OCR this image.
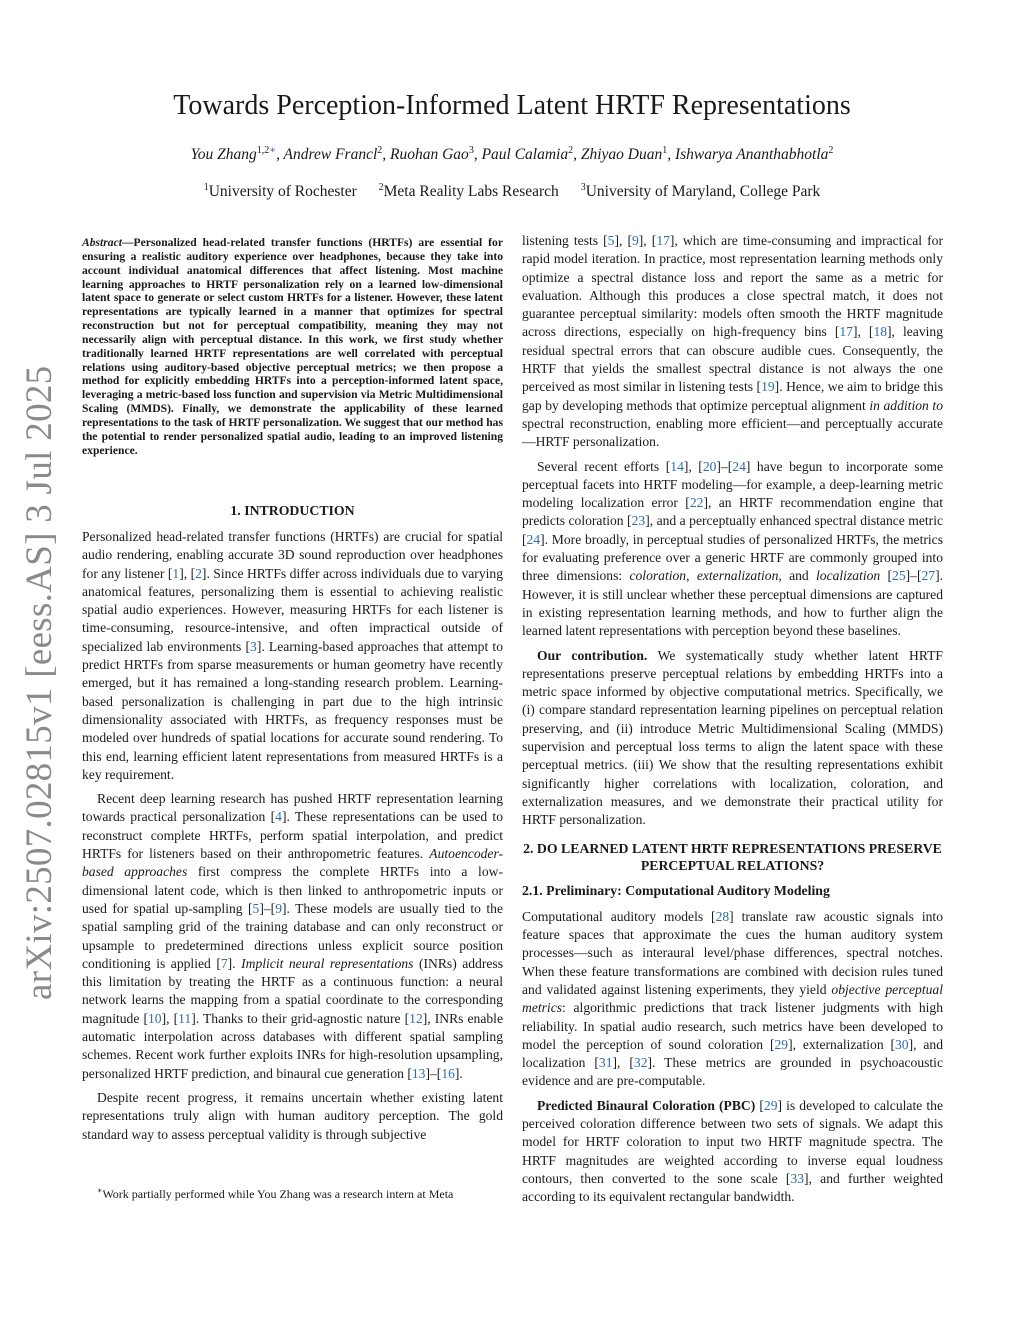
arXiv:2507.02815v1 [eess.AS] 3 Jul 2025
Towards Perception-Informed Latent HRTF Representations
You Zhang$^{1,2∗}$, Andrew Francl$^2$, Ruohan Gao$^3$, Paul Calamia$^2$, Zhiyao Duan$^1$, Ishwarya Ananthabhotla$^2$
$^1$University of Rochester $^2$Meta Reality Labs Research $^3$University of Maryland, College Park
Abstract—Personalized head-related transfer functions (HRTFs) are essential for ensuring a realistic auditory experience over headphones, because they take into account individual anatomical differences that affect listening. Most machine learning approaches to HRTF personalization rely on a learned low-dimensional latent space to generate or select custom HRTFs for a listener. However, these latent representations are typically learned in a manner that optimizes for spectral reconstruction but not for perceptual compatibility, meaning they may not necessarily align with perceptual distance. In this work, we first study whether traditionally learned HRTF representations are well correlated with perceptual relations using auditory-based objective perceptual metrics; we then propose a method for explicitly embedding HRTFs into a perception-informed latent space, leveraging a metric-based loss function and supervision via Metric Multidimensional Scaling (MMDS). Finally, we demonstrate the applicability of these learned representations to the task of HRTF personalization. We suggest that our method has the potential to render personalized spatial audio, leading to an improved listening experience.
1. INTRODUCTION

Personalized head-related transfer functions (HRTFs) are crucial for spatial audio rendering, enabling accurate 3D sound reproduction over headphones for any listener [1], [2]. Since HRTFs differ across individuals due to varying anatomical features, personalizing them is essential to achieving realistic spatial audio experiences. However, measuring HRTFs for each listener is time-consuming, resource-intensive, and often impractical outside of specialized lab environments [3]. Learning-based approaches that attempt to predict HRTFs from sparse measurements or human geometry have recently emerged, but it has remained a long-standing research problem. Learning-based personalization is challenging in part due to the high intrinsic dimensionality associated with HRTFs, as frequency responses must be modeled over hundreds of spatial locations for accurate sound rendering. To this end, learning efficient latent representations from measured HRTFs is a key requirement.

Recent deep learning research has pushed HRTF representation learning towards practical personalization [4]. These representations can be used to reconstruct complete HRTFs, perform spatial interpolation, and predict HRTFs for listeners based on their anthropometric features. Autoencoder-based approaches first compress the complete HRTFs into a low-dimensional latent code, which is then linked to anthropometric inputs or used for spatial up-sampling [5]–[9]. These models are usually tied to the spatial sampling grid of the training database and can only reconstruct or upsample to predetermined directions unless explicit source position conditioning is applied [7]. Implicit neural representations (INRs) address this limitation by treating the HRTF as a continuous function: a neural network learns the mapping from a spatial coordinate to the corresponding magnitude [10], [11]. Thanks to their grid-agnostic nature [12], INRs enable automatic interpolation across databases with different spatial sampling schemes. Recent work further exploits INRs for high-resolution upsampling, personalized HRTF prediction, and binaural cue generation [13]–[16].

Despite recent progress, it remains uncertain whether existing latent representations truly align with human auditory perception. The gold standard way to assess perceptual validity is through subjective

∗Work partially performed while You Zhang was a research intern at Meta

listening tests [5], [9], [17], which are time-consuming and impractical for rapid model iteration. In practice, most representation learning methods only optimize a spectral distance loss and report the same as a metric for evaluation. Although this produces a close spectral match, it does not guarantee perceptual similarity: models often smooth the HRTF magnitude across directions, especially on high-frequency bins [17], [18], leaving residual spectral errors that can obscure audible cues. Consequently, the HRTF that yields the smallest spectral distance is not always the one perceived as most similar in listening tests [19]. Hence, we aim to bridge this gap by developing methods that optimize perceptual alignment in addition to spectral reconstruction, enabling more efficient—and perceptually accurate—HRTF personalization.

Several recent efforts [14], [20]–[24] have begun to incorporate some perceptual facets into HRTF modeling—for example, a deep-learning metric modeling localization error [22], an HRTF recommendation engine that predicts coloration [23], and a perceptually enhanced spectral distance metric [24]. More broadly, in perceptual studies of personalized HRTFs, the metrics for evaluating preference over a generic HRTF are commonly grouped into three dimensions: coloration, externalization, and localization [25]–[27]. However, it is still unclear whether these perceptual dimensions are captured in existing representation learning methods, and how to further align the learned latent representations with perception beyond these baselines.

Our contribution. We systematically study whether latent HRTF representations preserve perceptual relations by embedding HRTFs into a metric space informed by objective computational metrics. Specifically, we (i) compare standard representation learning pipelines on perceptual relation preserving, and (ii) introduce Metric Multidimensional Scaling (MMDS) supervision and perceptual loss terms to align the latent space with these perceptual metrics. (iii) We show that the resulting representations exhibit significantly higher correlations with localization, coloration, and externalization measures, and we demonstrate their practical utility for HRTF personalization.

2. DO LEARNED LATENT HRTF REPRESENTATIONS PRESERVE PERCEPTUAL RELATIONS?
2.1. Preliminary: Computational Auditory Modeling

Computational auditory models [28] translate raw acoustic signals into feature spaces that approximate the cues the human auditory system processes—such as interaural level/phase differences, spectral notches. When these feature transformations are combined with decision rules tuned and validated against listening experiments, they yield objective perceptual metrics: algorithmic predictions that track listener judgments with high reliability. In spatial audio research, such metrics have been developed to model the perception of sound coloration [29], externalization [30], and localization [31], [32]. These metrics are grounded in psychoacoustic evidence and are pre-computable.

Predicted Binaural Coloration (PBC) [29] is developed to calculate the perceived coloration difference between two sets of signals. We adapt this model for HRTF coloration to input two HRTF magnitude spectra. The HRTF magnitudes are weighted according to inverse equal loudness contours, then converted to the sone scale [33], and further weighted according to its equivalent rectangular bandwidth.
